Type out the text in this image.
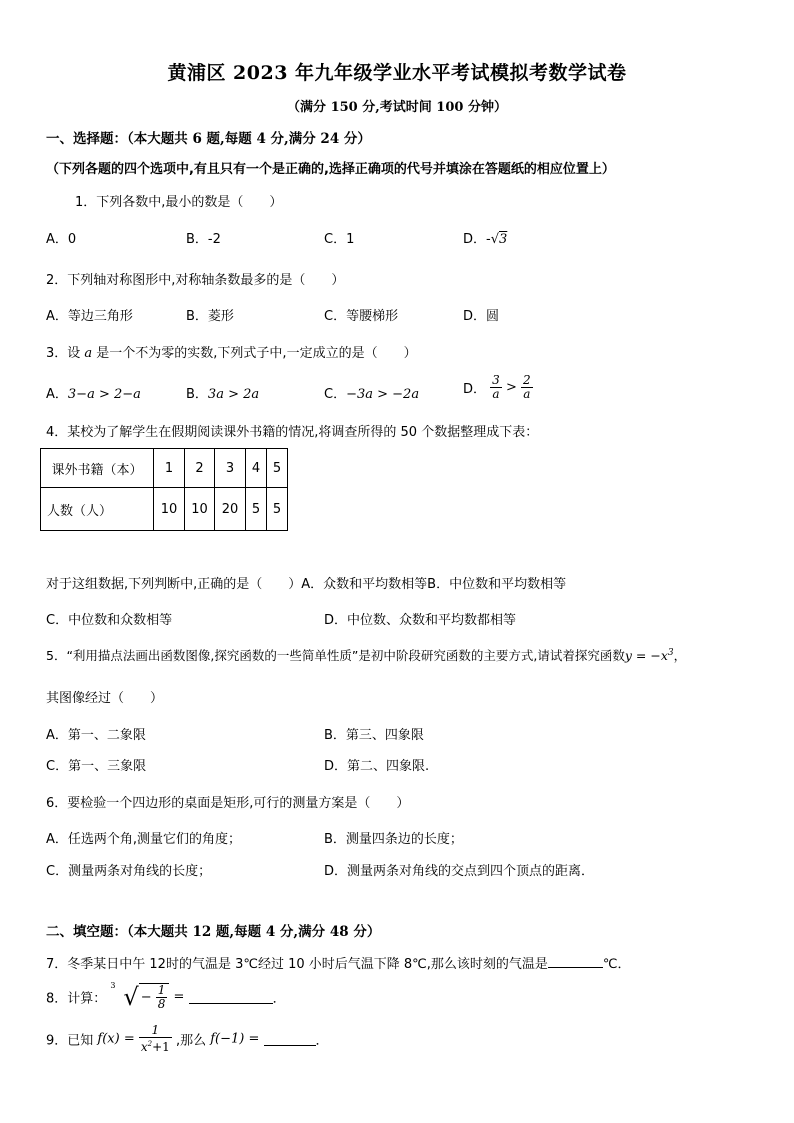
黄浦区 2023 年九年级学业水平考试模拟考数学试卷
（满分 150 分,考试时间 100 分钟）
一、选择题：（本大题共 6 题,每题 4 分,满分 24 分）
（下列各题的四个选项中,有且只有一个是正确的,选择正确项的代号并填涂在答题纸的相应位置上）
1．下列各数中,最小的数是（　　）
A．0	B．-2	C．1	D．-√3
2．下列轴对称图形中,对称轴条数最多的是（　　）
A．等边三角形	B．菱形	C．等腰梯形	D．圆
3．设 a 是一个不为零的实数,下列式子中,一定成立的是（　　）
A．3−a > 2−a	B．3a > 2a	C．−3a > −2a	D． $\frac{3}{a} > \frac{2}{a}$
4．某校为了解学生在假期阅读课外书籍的情况,将调查所得的 50 个数据整理成下表：
课外书籍（本）	1	2	3	4	5
人数（人）	10	10	20	5	5
对于这组数据,下列判断中,正确的是（　　）A．众数和平均数相等B．中位数和平均数相等
C．中位数和众数相等	D．中位数、众数和平均数都相等
5．“利用描点法画出函数图像,探究函数的一些简单性质”是初中阶段研究函数的主要方式,请试着探究函数$y = -x^3$，
其图像经过（　　）
A．第一、二象限	B．第三、四象限
C．第一、三象限	D．第二、四象限.
6．要检验一个四边形的桌面是矩形,可行的测量方案是（　　）
A．任选两个角,测量它们的角度；	B．测量四条边的长度；
C．测量两条对角线的长度；	D．测量两条对角线的交点到四个顶点的距离．
二、填空题：（本大题共 12 题,每题 4 分,满分 48 分）
7．冬季某日中午 12时的气温是 3℃经过 10 小时后气温下降 8℃,那么该时刻的气温是	℃．
8．计算：
3 √ − $\frac{1}{8}$ =	．
9．已知 $f(x) = \frac{1}{x^2+1}$ ,那么 f(−1) =	．
